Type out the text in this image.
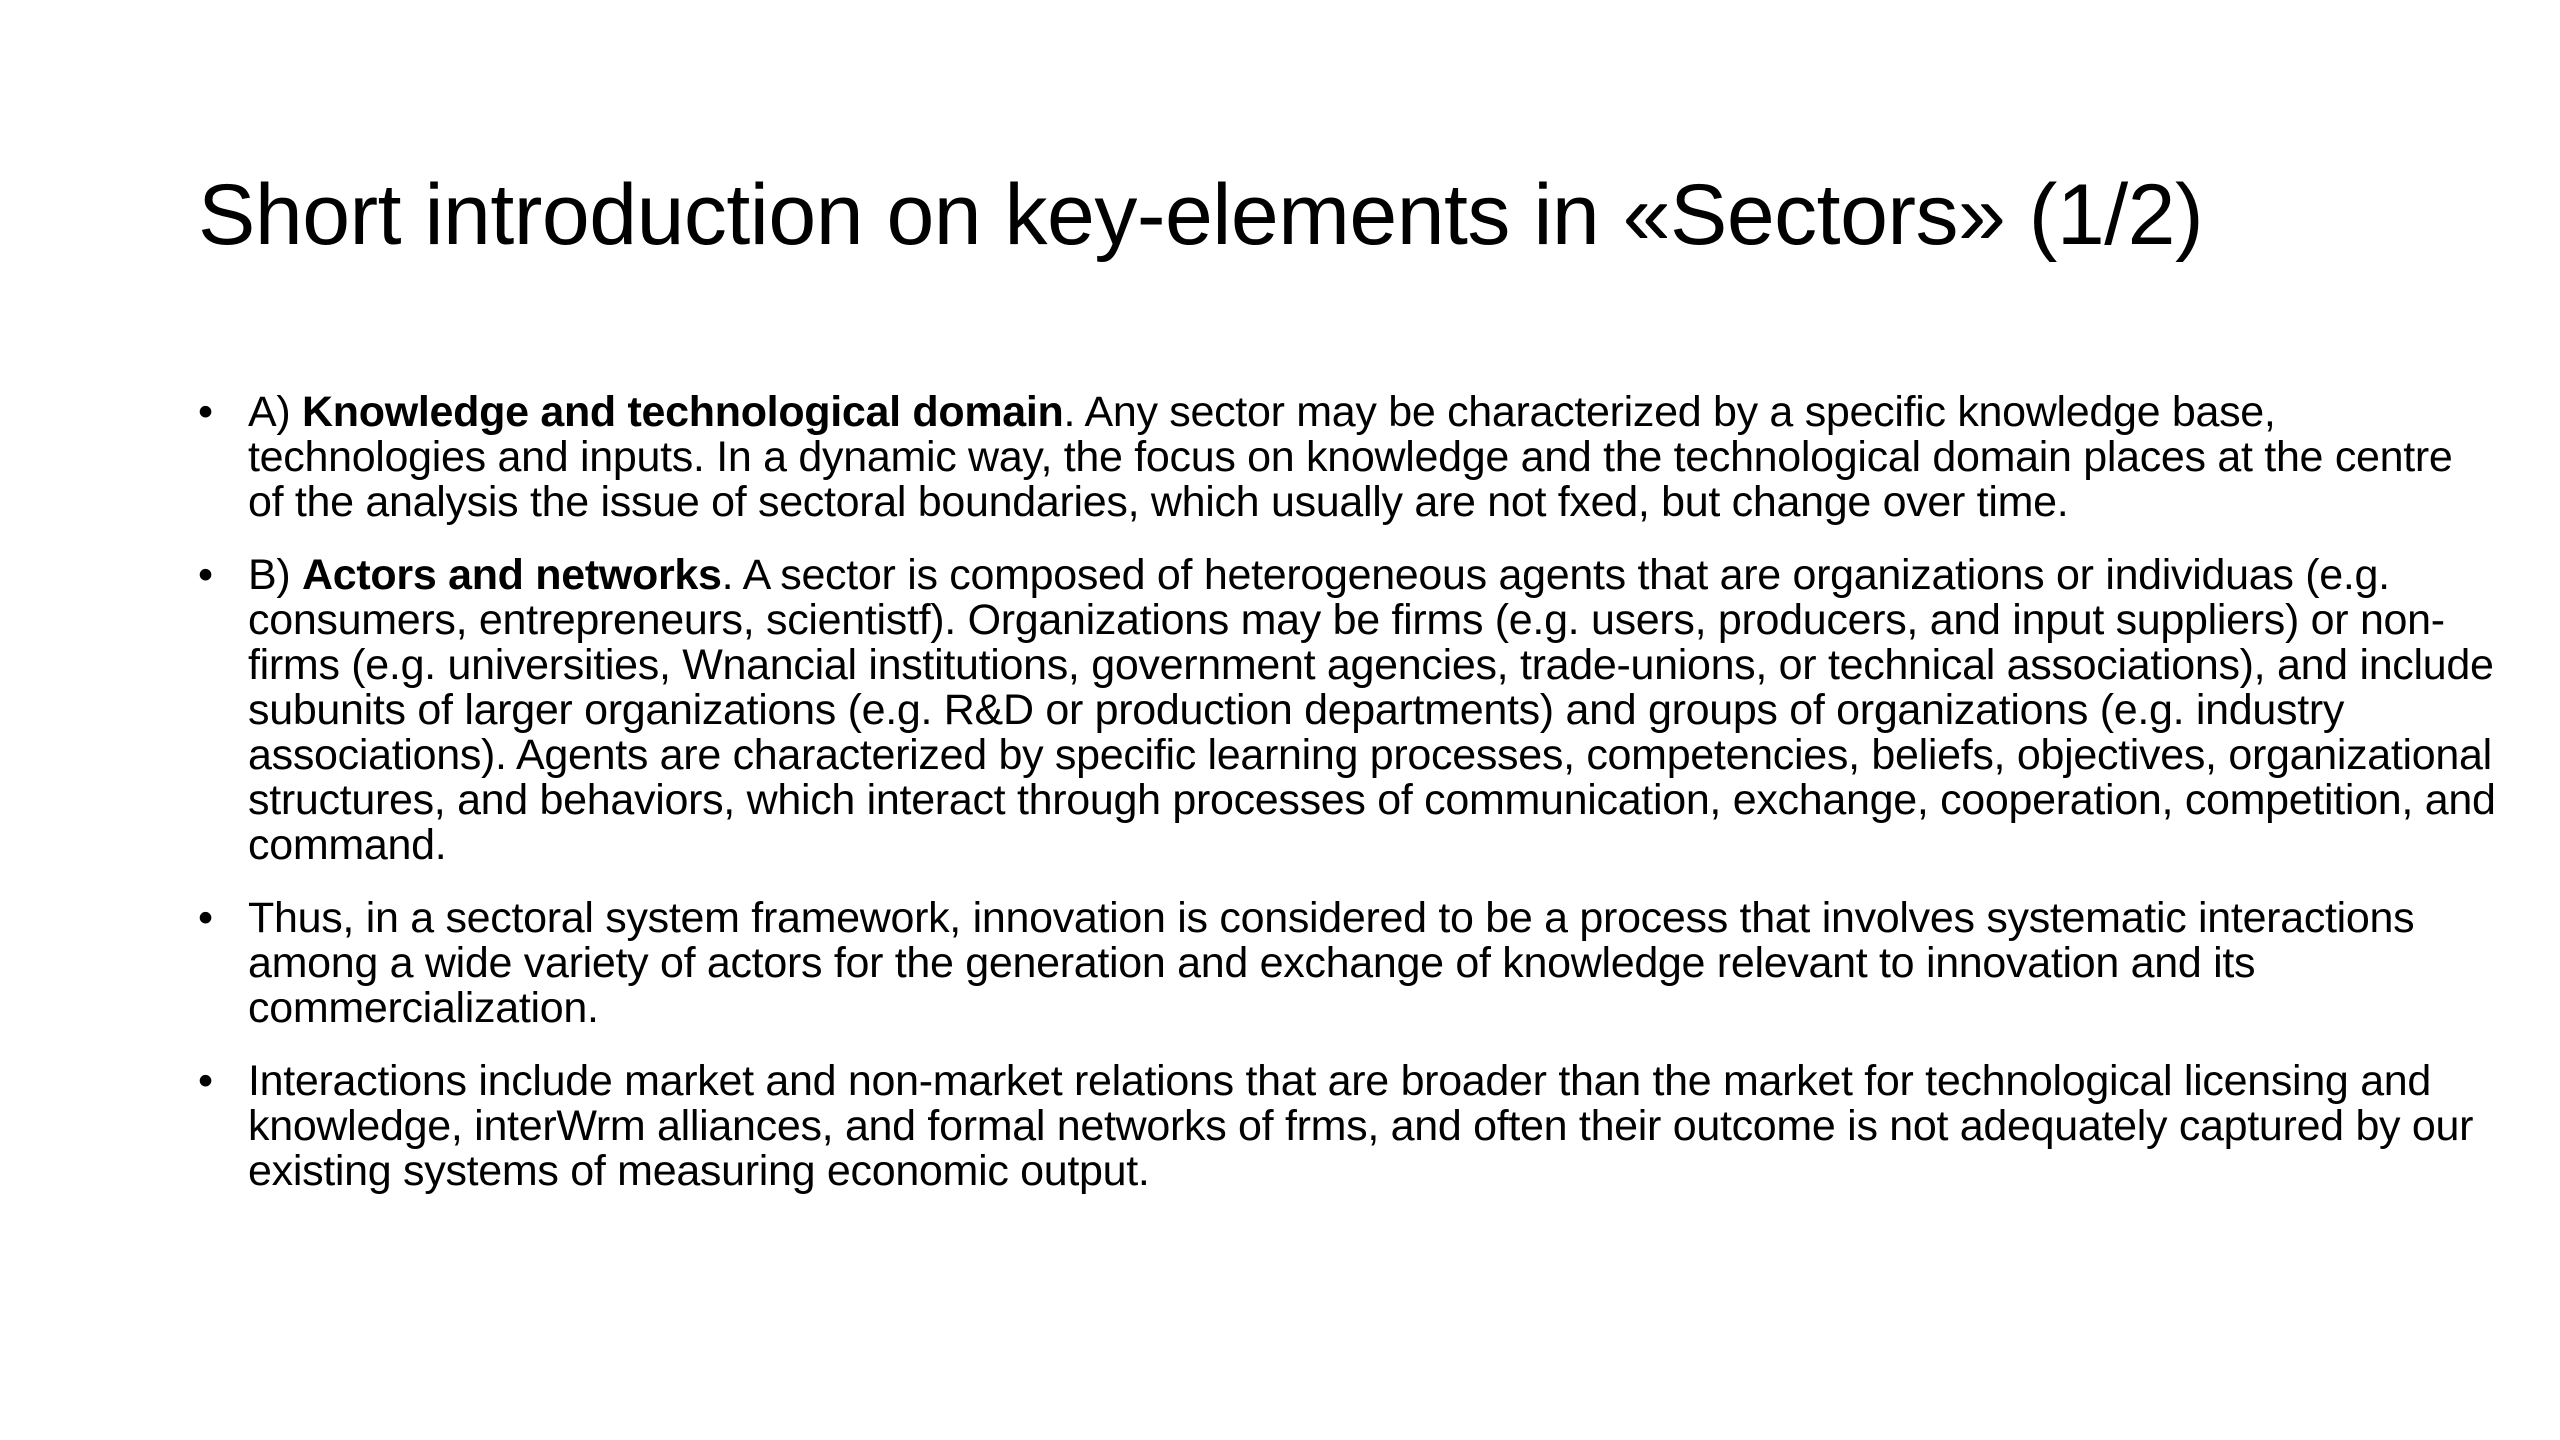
Short introduction on key-elements in «Sectors» (1/2)
• A) Knowledge and technological domain. Any sector may be characterized by a specific knowledge base, technologies and inputs. In a dynamic way, the focus on knowledge and the technological domain places at the centre of the analysis the issue of sectoral boundaries, which usually are not fxed, but change over time.
• B) Actors and networks. A sector is composed of heterogeneous agents that are organizations or individuas (e.g. consumers, entrepreneurs, scientistf). Organizations may be firms (e.g. users, producers, and input suppliers) or non-firms (e.g. universities, Wnancial institutions, government agencies, trade-unions, or technical associations), and include subunits of larger organizations (e.g. R&D or production departments) and groups of organizations (e.g. industry associations). Agents are characterized by specific learning processes, competencies, beliefs, objectives, organizational structures, and behaviors, which interact through processes of communication, exchange, cooperation, competition, and command.
• Thus, in a sectoral system framework, innovation is considered to be a process that involves systematic interactions among a wide variety of actors for the generation and exchange of knowledge relevant to innovation and its commercialization.
• Interactions include market and non-market relations that are broader than the market for technological licensing and knowledge, interWrm alliances, and formal networks of frms, and often their outcome is not adequately captured by our existing systems of measuring economic output.
